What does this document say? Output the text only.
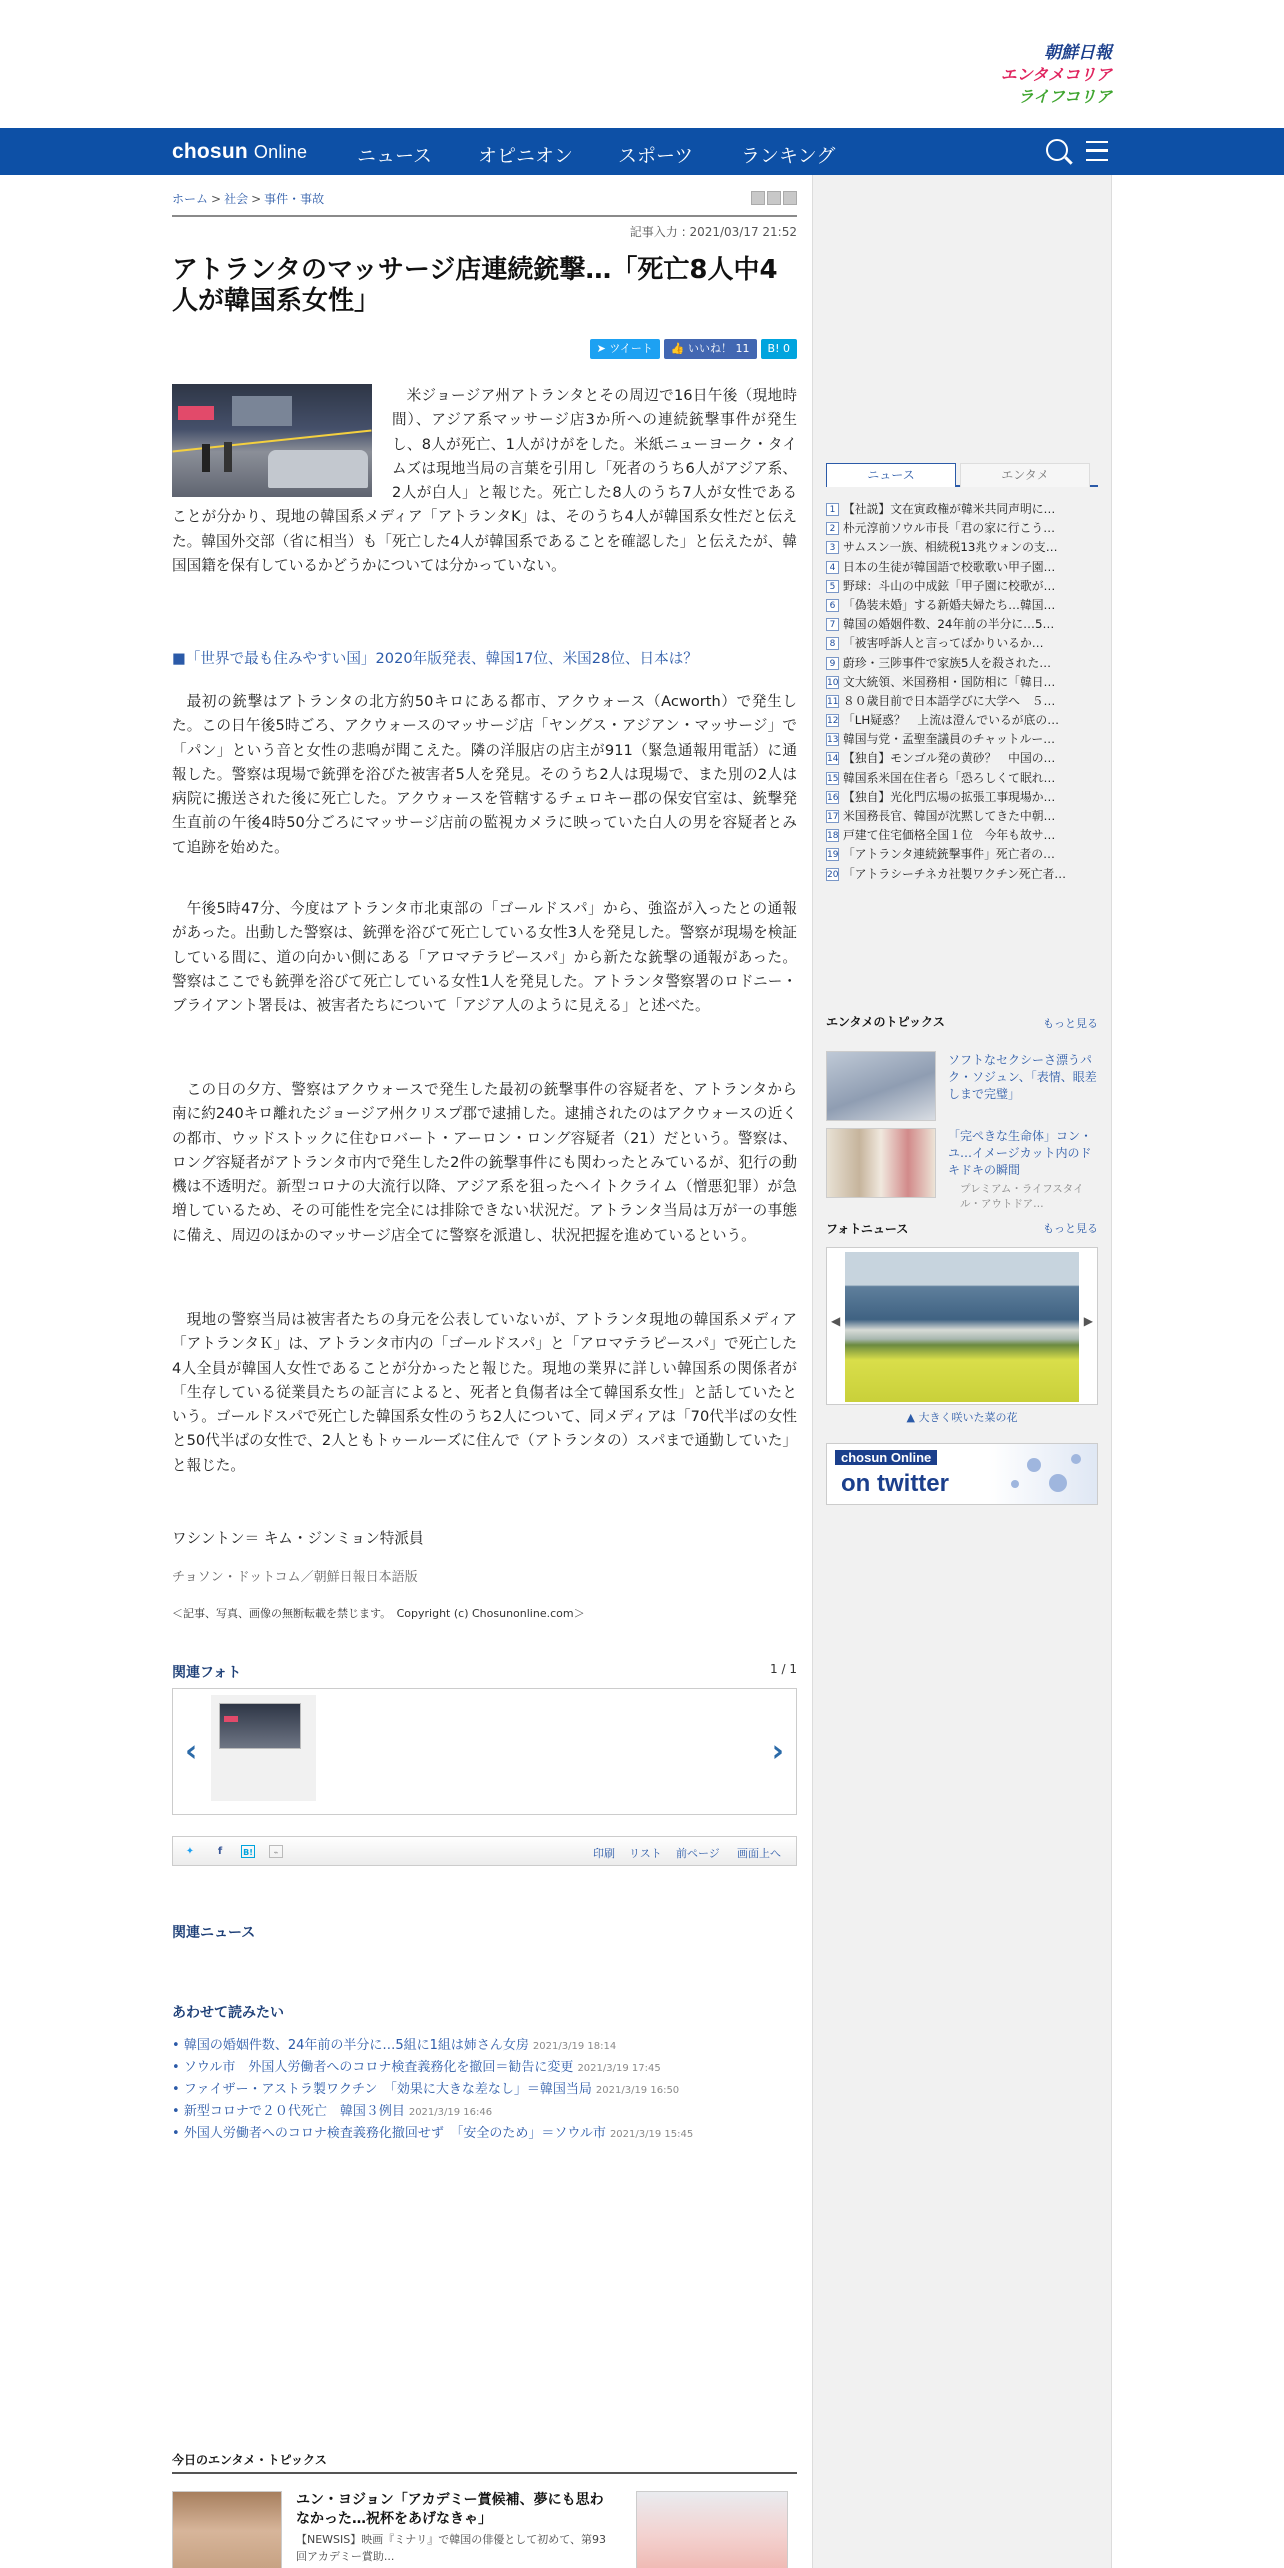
朝鮮日報
エンタメコリア
ライフコリア
chosun Online	ニュース オピニオン スポーツ	ランキング
ホーム > 社会 > 事件・事故
記事入力 : 2021/03/17 21:52
アトランタのマッサージ店連続銃撃…「死亡8人中4人が韓国系女性」
➤ ツイート 👍 いいね！ 11 B! 0
米ジョージア州アトランタとその周辺で16日午後（現地時間）、アジア系マッサージ店3か所への連続銃撃事件が発生し、8人が死亡、1人がけがをした。米紙ニューヨーク・タイムズは現地当局の言葉を引用し「死者のうち6人がアジア系、2人が白人」と報じた。死亡した8人のうち7人が女性であることが分かり、現地の韓国系メディア「アトランタK」は、そのうち4人が韓国系女性だと伝えた。韓国外交部（省に相当）も「死亡した4人が韓国系であることを確認した」と伝えたが、韓国国籍を保有しているかどうかについては分かっていない。
■「世界で最も住みやすい国」2020年版発表、韓国17位、米国28位、日本は？

最初の銃撃はアトランタの北方約50キロにある都市、アクウォース（Acworth）で発生した。この日午後5時ごろ、アクウォースのマッサージ店「ヤングス・アジアン・マッサージ」で「パン」という音と女性の悲鳴が聞こえた。隣の洋服店の店主が911（緊急通報用電話）に通報した。警察は現場で銃弾を浴びた被害者5人を発見。そのうち2人は現場で、また別の2人は病院に搬送された後に死亡した。アクウォースを管轄するチェロキー郡の保安官室は、銃撃発生直前の午後4時50分ごろにマッサージ店前の監視カメラに映っていた白人の男を容疑者とみて追跡を始めた。

午後5時47分、今度はアトランタ市北東部の「ゴールドスパ」から、強盗が入ったとの通報があった。出動した警察は、銃弾を浴びて死亡している女性3人を発見した。警察が現場を検証している間に、道の向かい側にある「アロマテラピースパ」から新たな銃撃の通報があった。警察はここでも銃弾を浴びて死亡している女性1人を発見した。アトランタ警察署のロドニー・ブライアント署長は、被害者たちについて「アジア人のように見える」と述べた。

この日の夕方、警察はアクウォースで発生した最初の銃撃事件の容疑者を、アトランタから南に約240キロ離れたジョージア州クリスプ郡で逮捕した。逮捕されたのはアクウォースの近くの都市、ウッドストックに住むロバート・アーロン・ロング容疑者（21）だという。警察は、ロング容疑者がアトランタ市内で発生した2件の銃撃事件にも関わったとみているが、犯行の動機は不透明だ。新型コロナの大流行以降、アジア系を狙ったヘイトクライム（憎悪犯罪）が急増しているため、その可能性を完全には排除できない状況だ。アトランタ当局は万が一の事態に備え、周辺のほかのマッサージ店全てに警察を派遣し、状況把握を進めているという。

現地の警察当局は被害者たちの身元を公表していないが、アトランタ現地の韓国系メディア「アトランタＫ」は、アトランタ市内の「ゴールドスパ」と「アロマテラピースパ」で死亡した4人全員が韓国人女性であることが分かったと報じた。現地の業界に詳しい韓国系の関係者が「生存している従業員たちの証言によると、死者と負傷者は全て韓国系女性」と話していたという。ゴールドスパで死亡した韓国系女性のうち2人について、同メディアは「70代半ばの女性と50代半ばの女性で、2人ともトゥールーズに住んで（アトランタの）スパまで通勤していた」と報じた。

ワシントン＝ キム・ジンミョン特派員
チョソン・ドットコム／朝鮮日報日本語版
＜記事、写真、画像の無断転載を禁じます。　Copyright (c) Chosunonline.com＞
関連フォト	1 / 1
‹	›
✦	f	B!	⌁	印刷 リスト 前ページ 画面上へ
関連ニュース
あわせて読みたい
• 韓国の婚姻件数、24年前の半分に…5組に1組は姉さん女房 2021/3/19 18:14
• ソウル市　外国人労働者へのコロナ検査義務化を撤回＝勧告に変更 2021/3/19 17:45
• ファイザー・アストラ製ワクチン　「効果に大きな差なし」＝韓国当局 2021/3/19 16:50
• 新型コロナで２０代死亡　韓国３例目 2021/3/19 16:46
• 外国人労働者へのコロナ検査義務化撤回せず　「安全のため」＝ソウル市 2021/3/19 15:45
今日のエンタメ・トピックス
ユン・ヨジョン「アカデミー賞候補、夢にも思わなかった…祝杯をあげなきゃ」
【NEWSIS】映画『ミナリ』で韓国の俳優として初めて、第93回アカデミー賞助...
ニュース	エンタメ
1 【社説】文在寅政権が韓米共同声明に…
2 朴元淳前ソウル市長「君の家に行こう…
3 サムスン一族、相続税13兆ウォンの支…
4 日本の生徒が韓国語で校歌歌い甲子園…
5 野球：斗山の中成鉉「甲子園に校歌が…
6 「偽装未婚」する新婚夫婦たち…韓国…
7 韓国の婚姻件数、24年前の半分に…5…
8 「被害呼訴人と言ってばかりいるか…
9 蔚珍・三陟事件で家族5人を殺された…
10 文大統領、米国務相・国防相に「韓日…
11 ８０歳目前で日本語学びに大学へ　５…
12 「LH疑惑？　上流は澄んでいるが底の…
13 韓国与党・孟聖奎議員のチャットルー…
14 【独自】モンゴル発の黄砂？　中国の…
15 韓国系米国在住者ら「恐ろしくて眠れ…
16 【独自】光化門広場の拡張工事現場か…
17 米国務長官、韓国が沈黙してきた中朝…
18 戸建て住宅価格全国１位　今年も故サ…
19 「アトランタ連続銃撃事件」死亡者の…
20 「アトラシーチネカ社製ワクチン死亡者…
エンタメのトピックス	もっと見る
ソフトなセクシーさ漂うパク・ソジュン、「表情、眼差しまで完璧」
「完ぺきな生命体」コン・ユ…イメージカット内のドキドキの瞬間
プレミアム・ライフスタイル・アウトドア…
フォトニュース	もっと見る
◀	▶
▲ 大きく咲いた菜の花
chosun Online
on twitter
